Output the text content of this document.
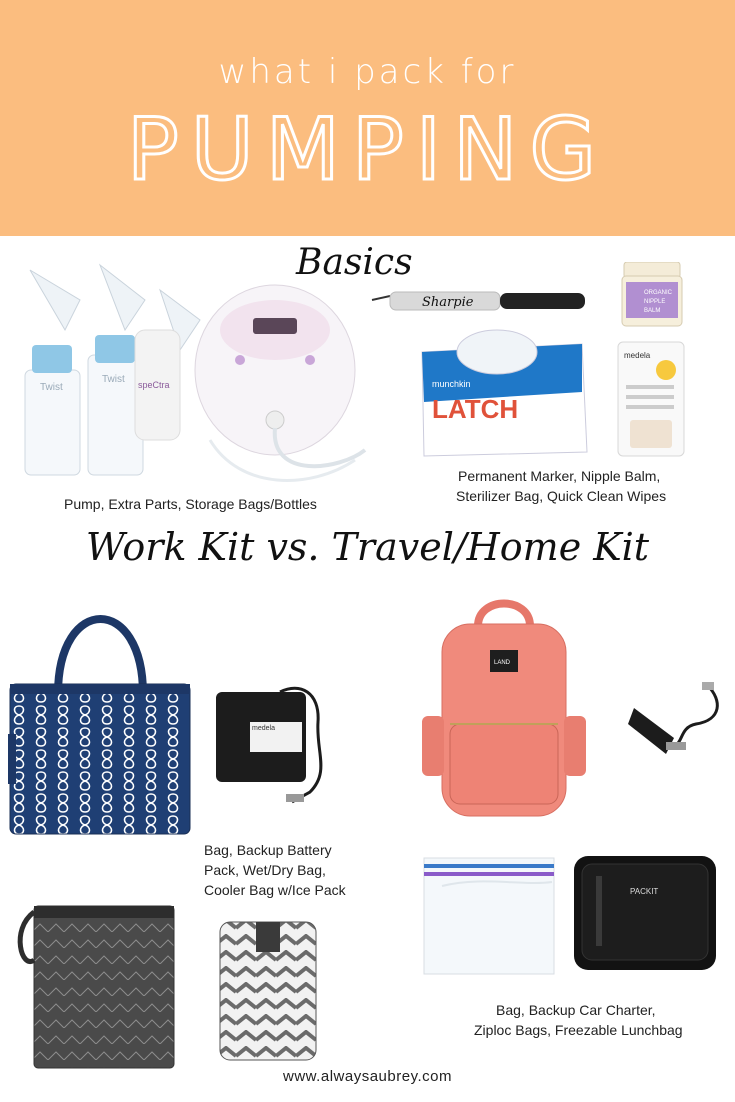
what i pack for
PUMPING
Basics
Twist
Twist speCtra
Pump, Extra Parts, Storage Bags/Bottles
Sharpie
ORGANIC
NIPPLE
BALM
munchkin
LATCH
medela
Permanent Marker, Nipple Balm,
Sterilizer Bag, Quick Clean Wipes
Work Kit vs. Travel/Home Kit
medela
Bag, Backup Battery
Pack, Wet/Dry Bag,
Cooler Bag w/Ice Pack
LAND
PACKIT
Bag, Backup Car Charter,
Ziploc Bags, Freezable Lunchbag
www.alwaysaubrey.com
